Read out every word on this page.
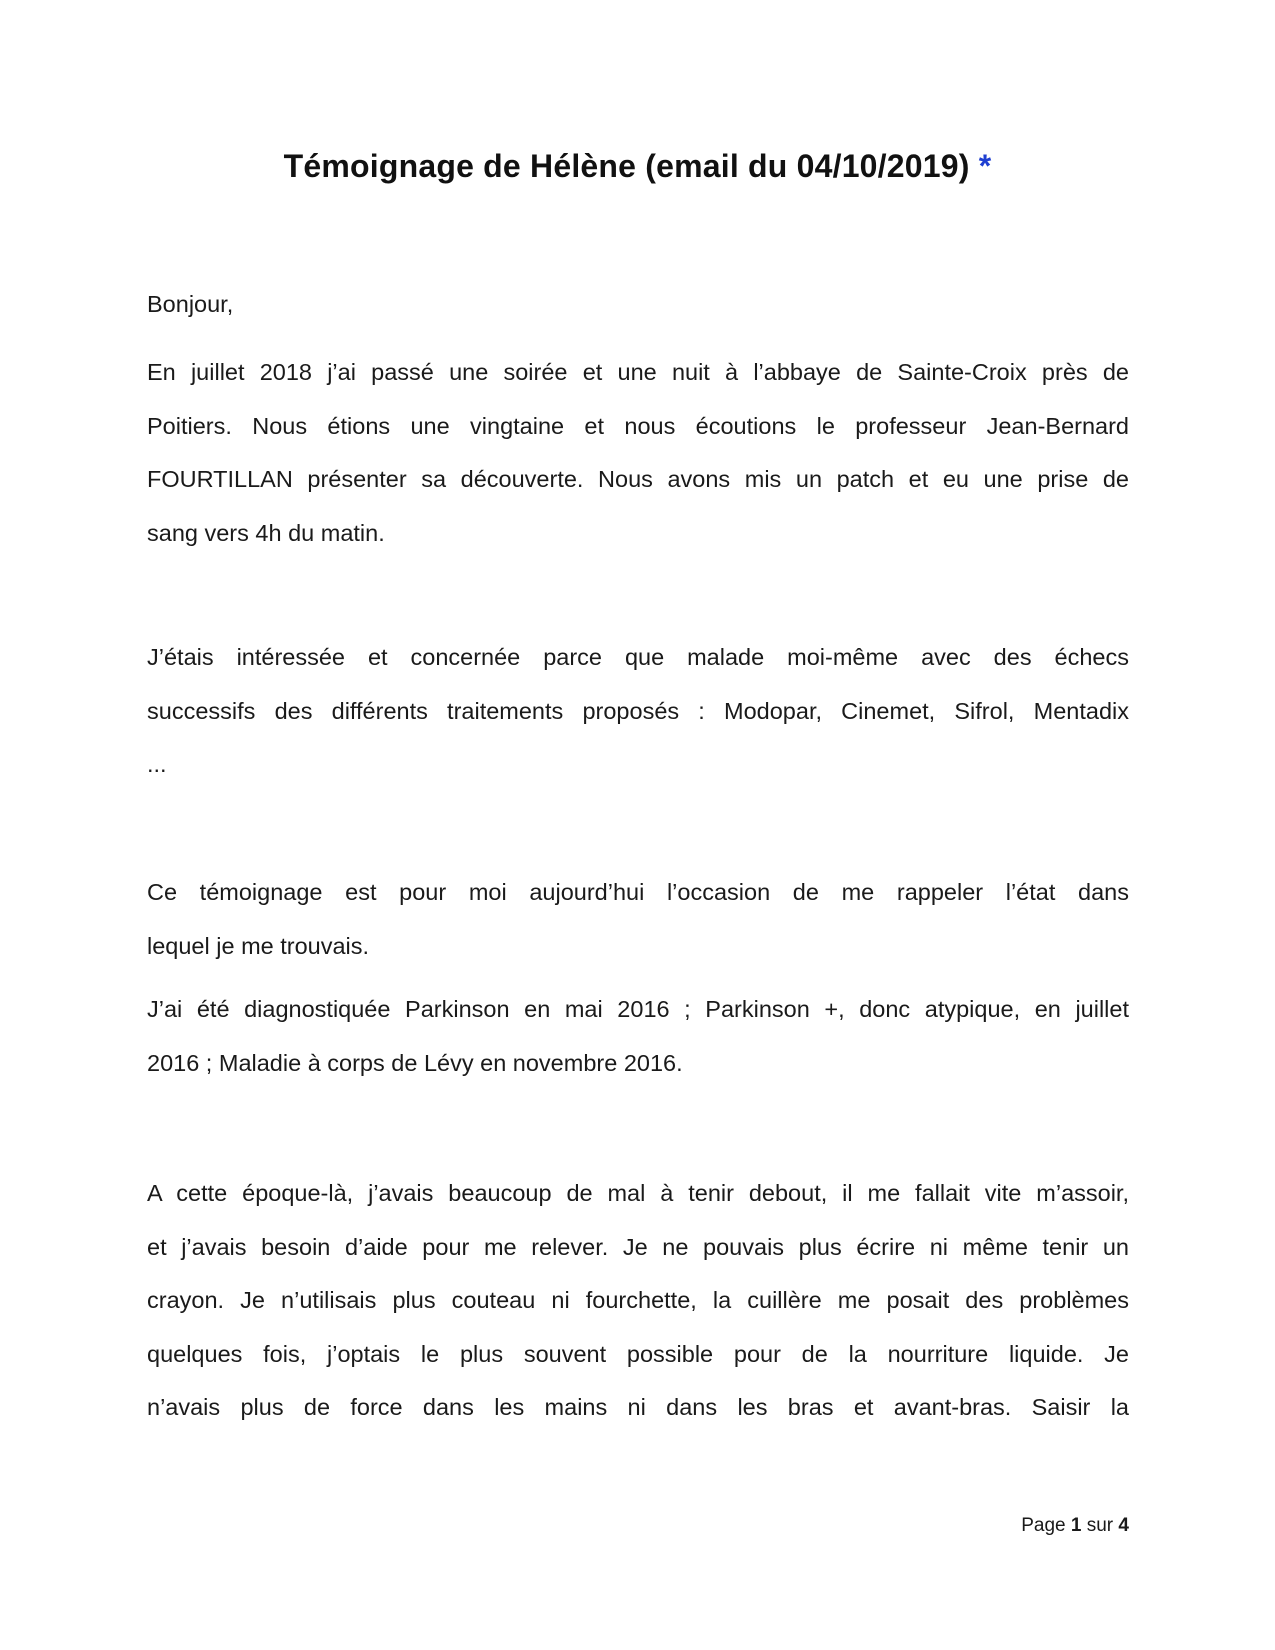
Témoignage de Hélène (email du 04/10/2019) *
Bonjour,
En juillet 2018 j’ai passé une soirée et une nuit à l’abbaye de Sainte-Croix près de
Poitiers. Nous étions une vingtaine et nous écoutions le professeur Jean-Bernard
FOURTILLAN présenter sa découverte. Nous avons mis un patch et eu une prise de
sang vers 4h du matin.
J’étais intéressée et concernée parce que malade moi-même avec des échecs
successifs des différents traitements proposés : Modopar, Cinemet, Sifrol, Mentadix
...
Ce témoignage est pour moi aujourd’hui l’occasion de me rappeler l’état dans
lequel je me trouvais.
J’ai été diagnostiquée Parkinson en mai 2016 ; Parkinson +, donc atypique, en juillet
2016 ; Maladie à corps de Lévy en novembre 2016.
A cette époque-là, j’avais beaucoup de mal à tenir debout, il me fallait vite m’assoir,
et j’avais besoin d’aide pour me relever. Je ne pouvais plus écrire ni même tenir un
crayon. Je n’utilisais plus couteau ni fourchette, la cuillère me posait des problèmes
quelques fois, j’optais le plus souvent possible pour de la nourriture liquide. Je
n’avais plus de force dans les mains ni dans les bras et avant-bras. Saisir la
Page 1 sur 4
